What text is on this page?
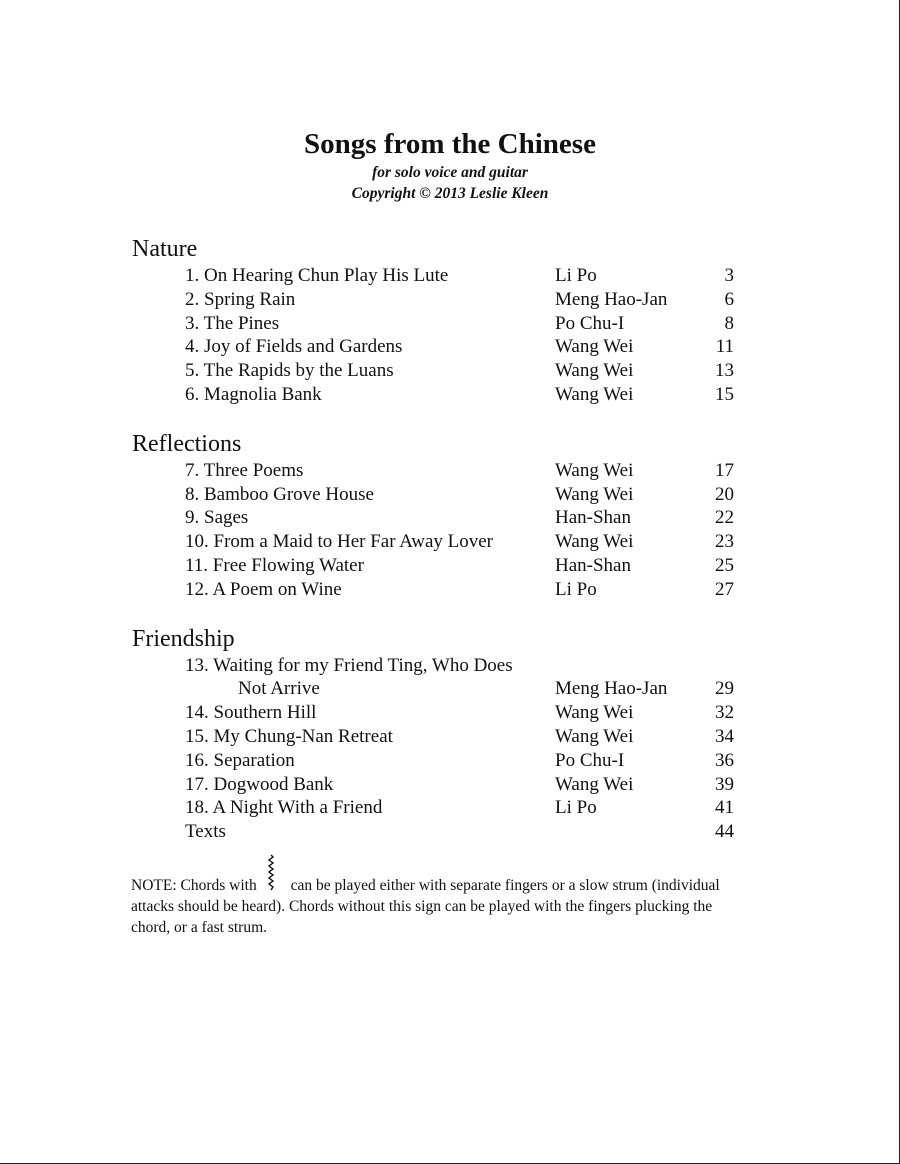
Songs from the Chinese
for solo voice and guitar
Copyright © 2013 Leslie Kleen
Nature
1. On Hearing Chun Play His Lute	Li Po	3
2. Spring Rain	Meng Hao-Jan	6
3. The Pines	Po Chu-I	8
4. Joy of Fields and Gardens	Wang Wei	11
5. The Rapids by the Luans	Wang Wei	13
6. Magnolia Bank	Wang Wei	15
Reflections
7. Three Poems	Wang Wei	17
8. Bamboo Grove House	Wang Wei	20
9. Sages	Han-Shan	22
10. From a Maid to Her Far Away Lover	Wang Wei	23
11. Free Flowing Water	Han-Shan	25
12. A Poem on Wine	Li Po	27
Friendship
13. Waiting for my Friend Ting, Who Does
Not Arrive	Meng Hao-Jan	29
14. Southern Hill	Wang Wei	32
15. My Chung-Nan Retreat	Wang Wei	34
16. Separation	Po Chu-I	36
17. Dogwood Bank	Wang Wei	39
18. A Night With a Friend	Li Po	41
Texts	44

NOTE: Chords with can be played either with separate fingers or a slow strum (individual attacks should be heard). Chords without this sign can be played with the fingers plucking the chord, or a fast strum.
